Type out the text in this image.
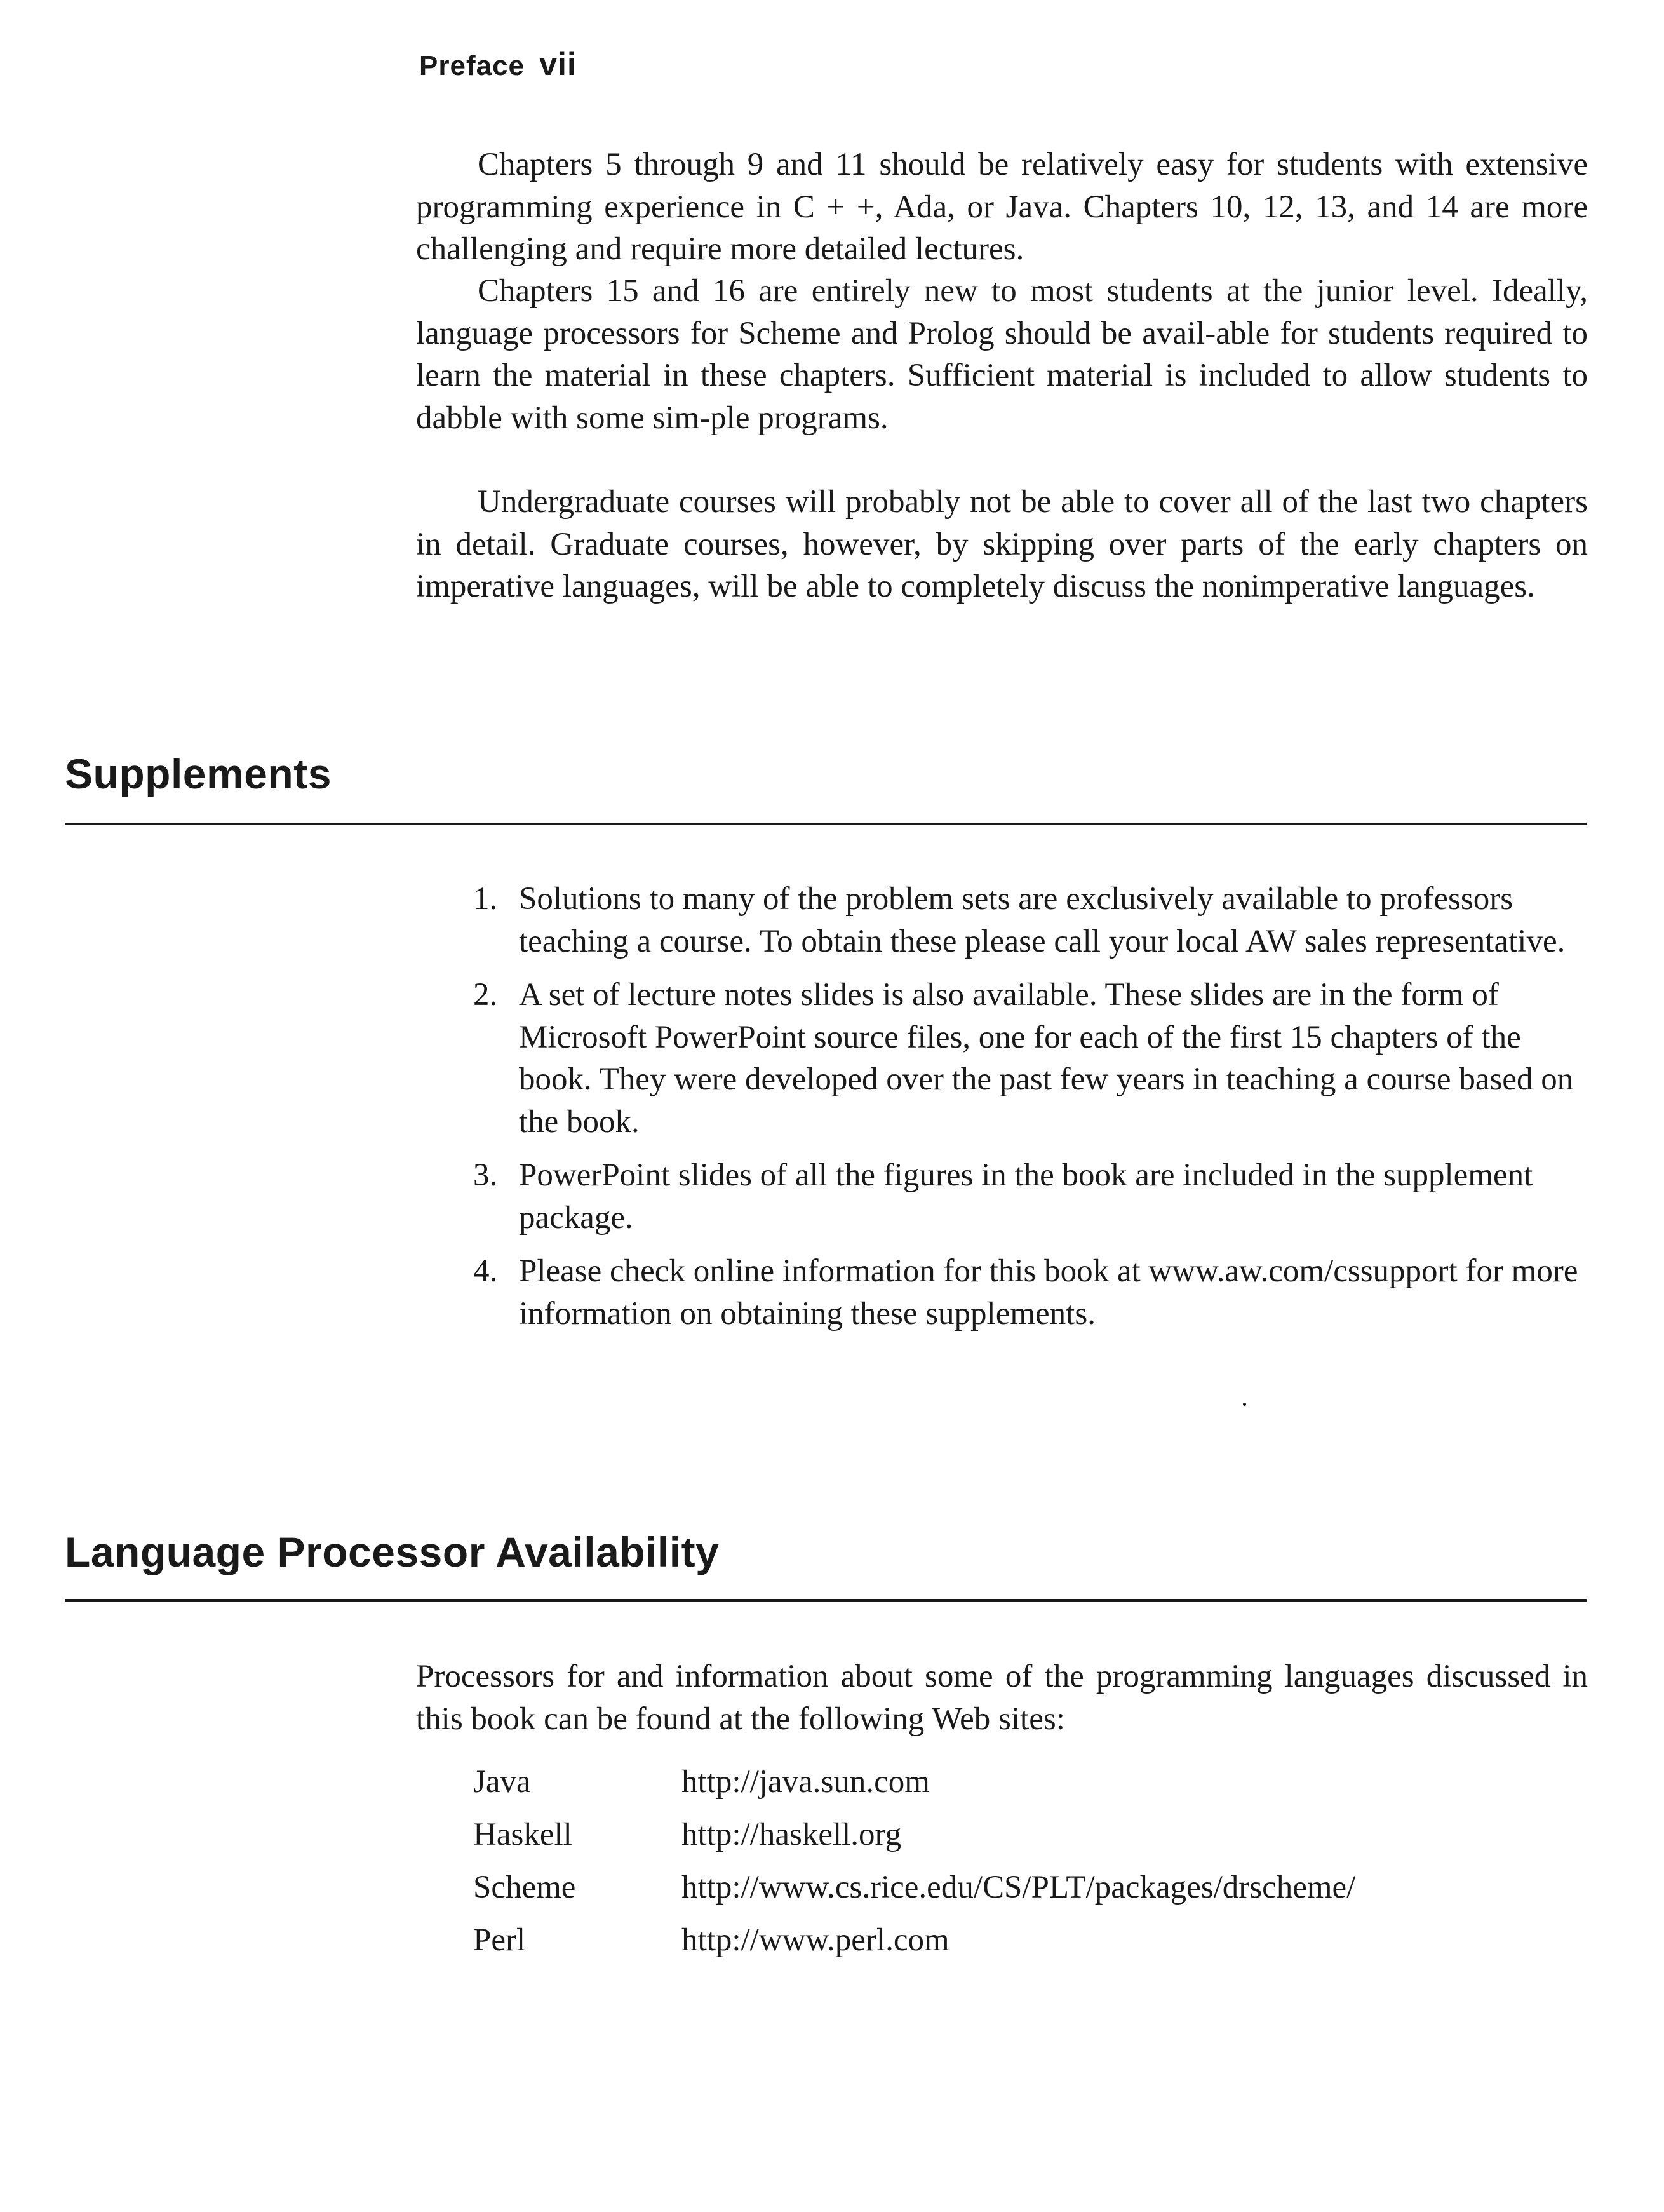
Preface vii

Chapters 5 through 9 and 11 should be relatively easy for students with extensive programming experience in C + +, Ada, or Java. Chapters 10, 12, 13, and 14 are more challenging and require more detailed lectures.

Chapters 15 and 16 are entirely new to most students at the junior level. Ideally, language processors for Scheme and Prolog should be avail-able for students required to learn the material in these chapters. Sufficient material is included to allow students to dabble with some sim-ple programs.

Undergraduate courses will probably not be able to cover all of the last two chapters in detail. Graduate courses, however, by skipping over parts of the early chapters on imperative languages, will be able to completely discuss the nonimperative languages.

Supplements
1. Solutions to many of the problem sets are exclusively available to professors teaching a course. To obtain these please call your local AW sales representative.
2. A set of lecture notes slides is also available. These slides are in the form of Microsoft PowerPoint source files, one for each of the first 15 chapters of the book. They were developed over the past few years in teaching a course based on the book.
3. PowerPoint slides of all the figures in the book are included in the supplement package.
4. Please check online information for this book at www.aw.com/cssupport for more information on obtaining these supplements.
Language Processor Availability

Processors for and information about some of the programming languages discussed in this book can be found at the following Web sites:

Java	http://java.sun.com
Haskell	http://haskell.org
Scheme	http://www.cs.rice.edu/CS/PLT/packages/drscheme/
Perl	http://www.perl.com
